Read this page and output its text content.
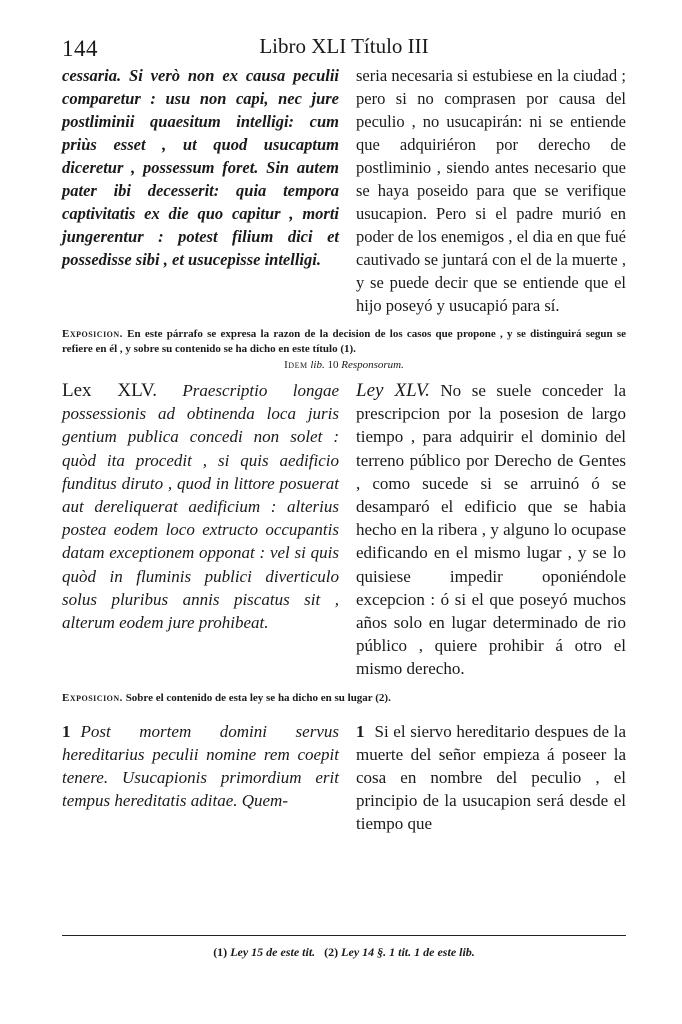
144	Libro XLI Título III
cessaria. Si verò non ex causa peculii comparetur : usu non capi, nec jure postliminii quaesitum intelligi: cum priùs esset , ut quod usucaptum diceretur , possessum foret. Sin autem pater ibi decesserit: quia tempora captivitatis ex die quo capitur , morti jungerentur : potest filium dici et possedisse sibi , et usucepisse intelligi.
seria necesaria si estubiese en la ciudad ; pero si no comprasen por causa del peculio , no usucapirán: ni se entiende que adquiriéron por derecho de postliminio , siendo antes necesario que se haya poseido para que se verifique usucapion. Pero si el padre murió en poder de los enemigos , el dia en que fué cautivado se juntará con el de la muerte , y se puede decir que se entiende que el hijo poseyó y usucapió para sí.
Exposicion. En este párrafo se expresa la razon de la decision de los casos que propone , y se distinguirá segun se refiere en él , y sobre su contenido se ha dicho en este título (1).
Idem lib. 10 Responsorum.
Lex XLV. Praescriptio longae possessionis ad obtinenda loca juris gentium publica concedi non solet : quòd ita procedit , si quis aedificio funditus diruto , quod in littore posuerat aut dereliquerat aedificium : alterius postea eodem loco extructo occupantis datam exceptionem opponat : vel si quis quòd in fluminis publici diverticulo solus pluribus annis piscatus sit , alterum eodem jure prohibeat.
Ley XLV. No se suele conceder la prescripcion por la posesion de largo tiempo , para adquirir el dominio del terreno público por Derecho de Gentes , como sucede si se arruinó ó se desamparó el edificio que se habia hecho en la ribera , y alguno lo ocupase edificando en el mismo lugar , y se lo quisiese impedir oponiéndole excepcion : ó si el que poseyó muchos años solo en lugar determinado de rio público , quiere prohibir á otro el mismo derecho.
Exposicion. Sobre el contenido de esta ley se ha dicho en su lugar (2).
1 Post mortem domini servus hereditarius peculii nomine rem coepit tenere. Usucapionis primordium erit tempus hereditatis aditae. Quem-
1 Si el siervo hereditario despues de la muerte del señor empieza á poseer la cosa en nombre del peculio , el principio de la usucapion será desde el tiempo que
(1) Ley 15 de este tit. (2) Ley 14 §. 1 tit. 1 de este lib.
